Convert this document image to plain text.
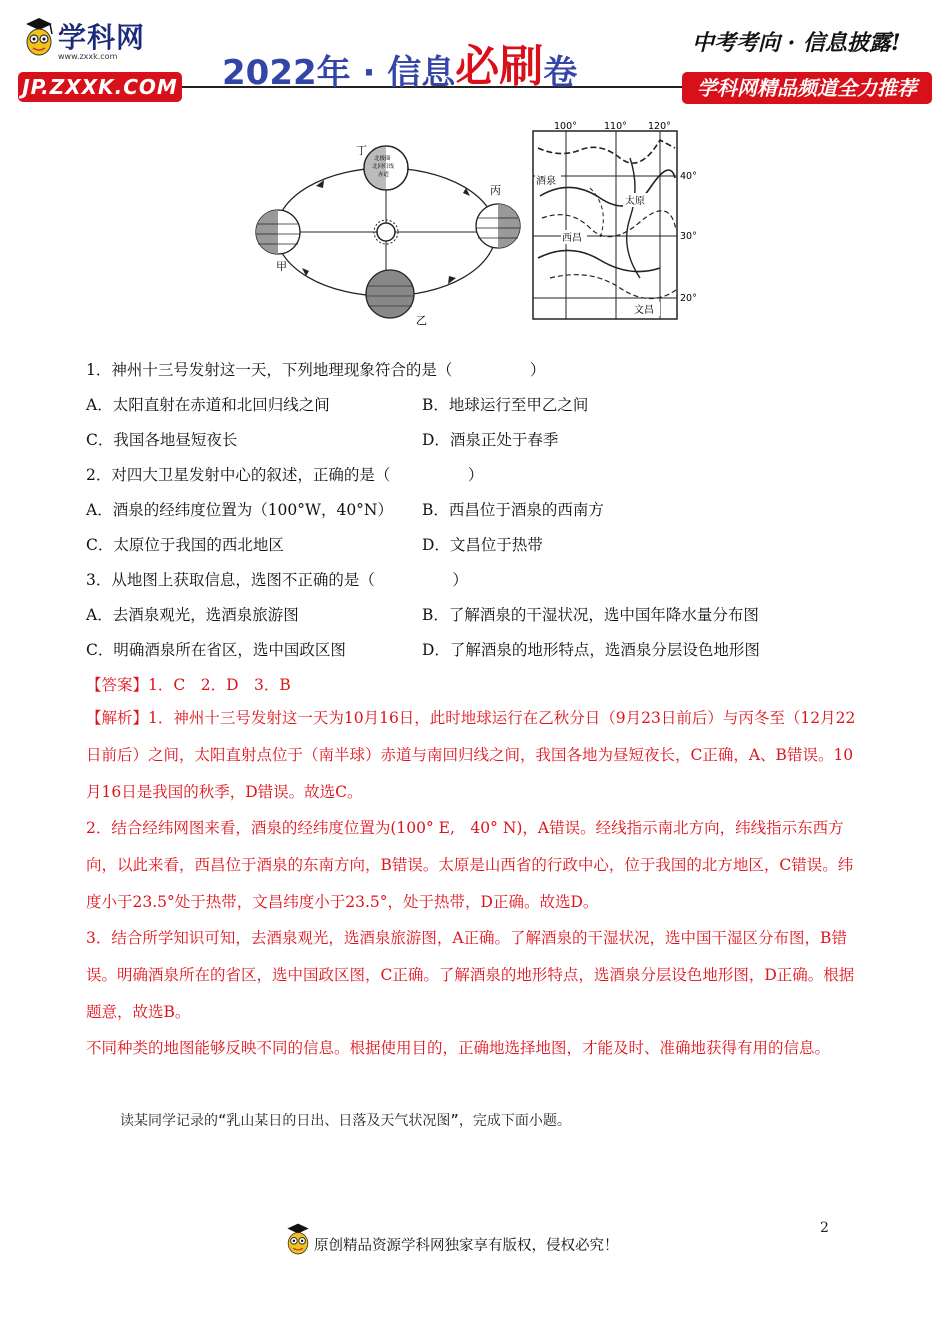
学科网
www.zxxk.com
JP.ZXXK.COM 2022年 · 信息必刷卷
中考考向 · 信息披露!
学科网精品频道全力推荐
北极圈
北回归线
赤道
丁
丙
甲
乙
100°	110° 120°
40°
30°
20°
酒泉
太原
西昌
文昌
1．神州十三号发射这一天，下列地理现象符合的是（　　　　　）
A．太阳直射在赤道和北回归线之间	B．地球运行至甲乙之间
C．我国各地昼短夜长	D．酒泉正处于春季
2．对四大卫星发射中心的叙述，正确的是（　　　　　）
A．酒泉的经纬度位置为（100°W，40°N） B．西昌位于酒泉的西南方
C．太原位于我国的西北地区	D．文昌位于热带
3．从地图上获取信息，选图不正确的是（　　　　　）
A．去酒泉观光，选酒泉旅游图	B．了解酒泉的干湿状况，选中国年降水量分布图
C．明确酒泉所在省区，选中国政区图	D．了解酒泉的地形特点，选酒泉分层设色地形图
【答案】1．C　2．D　3．B
【解析】1．神州十三号发射这一天为10月16日，此时地球运行在乙秋分日（9月23日前后）与丙冬至（12月22日前后）之间，太阳直射点位于（南半球）赤道与南回归线之间，我国各地为昼短夜长，C正确，A、B错误。10月16日是我国的秋季，D错误。故选C。
2．结合经纬网图来看，酒泉的经纬度位置为(100° E,　40° N)，A错误。经线指示南北方向，纬线指示东西方向，以此来看，西昌位于酒泉的东南方向，B错误。太原是山西省的行政中心，位于我国的北方地区，C错误。纬度小于23.5°处于热带，文昌纬度小于23.5°，处于热带，D正确。故选D。
3．结合所学知识可知，去酒泉观光，选酒泉旅游图，A正确。了解酒泉的干湿状况，选中国干湿区分布图，B错误。明确酒泉所在的省区，选中国政区图，C正确。了解酒泉的地形特点，选酒泉分层设色地形图，D正确。根据题意，故选B。
不同种类的地图能够反映不同的信息。根据使用目的，正确地选择地图，才能及时、准确地获得有用的信息。
读某同学记录的“乳山某日的日出、日落及天气状况图”，完成下面小题。
2
原创精品资源学科网独家享有版权，侵权必究！
